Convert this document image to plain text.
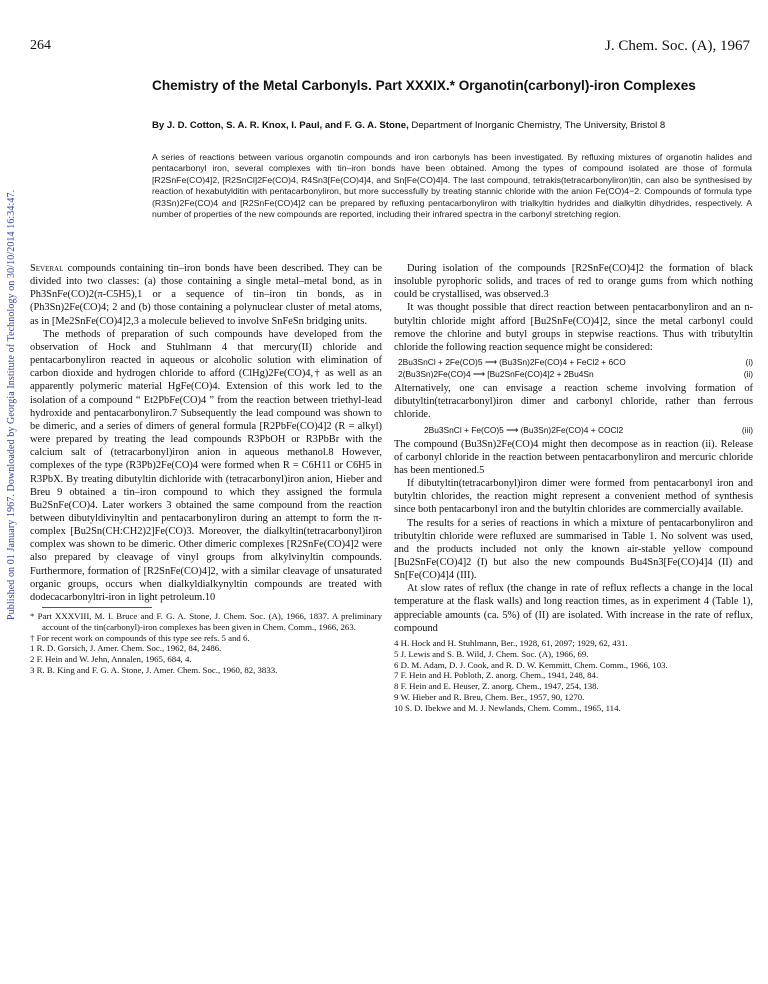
Published on 01 January 1967. Downloaded by Georgia Institute of Technology on 30/10/2014 16:34:47.
264	J. Chem. Soc. (A), 1967
Chemistry of the Metal Carbonyls. Part XXXIX.* Organotin(carbonyl)-iron Complexes
By J. D. Cotton, S. A. R. Knox, I. Paul, and F. G. A. Stone, Department of Inorganic Chemistry, The University, Bristol 8
A series of reactions between various organotin compounds and iron carbonyls has been investigated. By refluxing mixtures of organotin halides and pentacarbonyl iron, several complexes with tin–iron bonds have been obtained. Among the types of compound isolated are those of formula [R2SnFe(CO)4]2, [R2SnCl]2Fe(CO)4, R4Sn3[Fe(CO)4]4, and Sn[Fe(CO)4]4. The last compound, tetrakis(tetracarbonyliron)tin, can also be synthesised by reaction of hexabutylditin with pentacarbonyliron, but more successfully by treating stannic chloride with the anion Fe(CO)4−2. Compounds of formula type (R3Sn)2Fe(CO)4 and [R2SnFe(CO)4]2 can be prepared by refluxing pentacarbonyliron with trialkyltin hydrides and dialkyltin dihydrides, respectively. A number of properties of the new compounds are reported, including their infrared spectra in the carbonyl stretching region.

Several compounds containing tin–iron bonds have been described. They can be divided into two classes: (a) those containing a single metal–metal bond, as in Ph3SnFe(CO)2(π-C5H5),1 or a sequence of tin–iron tin bonds, as in (Ph3Sn)2Fe(CO)4; 2 and (b) those containing a polynuclear cluster of metal atoms, as in [Me2SnFe(CO)4]2,3 a molecule believed to involve SnFeSn bridging units.

The methods of preparation of such compounds have developed from the observation of Hock and Stuhlmann 4 that mercury(II) chloride and pentacarbonyliron reacted in aqueous or alcoholic solution with elimination of carbon dioxide and hydrogen chloride to afford (ClHg)2Fe(CO)4,† as well as an apparently polymeric material HgFe(CO)4. Extension of this work led to the isolation of a compound “ Et2PbFe(CO)4 ” from the reaction between triethyl-lead hydroxide and pentacarbonyliron.7 Subsequently the lead compound was shown to be dimeric, and a series of dimers of general formula [R2PbFe(CO)4]2 (R = alkyl) were prepared by treating the lead compounds R3PbOH or R3PbBr with the calcium salt of (tetracarbonyl)iron anion in aqueous methanol.8 However, complexes of the type (R3Pb)2Fe(CO)4 were formed when R = C6H11 or C6H5 in R3PbX. By treating dibutyltin dichloride with (tetracarbonyl)iron anion, Hieber and Breu 9 obtained a tin–iron compound to which they assigned the formula Bu2SnFe(CO)4. Later workers 3 obtained the same compound from the reaction between dibutyldivinyltin and pentacarbonyliron during an attempt to form the π-complex [Bu2Sn(CH:CH2)2]Fe(CO)3. Moreover, the dialkyltin(tetracarbonyl)iron complex was shown to be dimeric. Other dimeric complexes [R2SnFe(CO)4]2 were also prepared by cleavage of vinyl groups from alkylvinyltin compounds. Furthermore, formation of [R2SnFe(CO)4]2, with a similar cleavage of unsaturated organic groups, occurs when dialkyldialkynyltin compounds are treated with dodecacarbonyltri-iron in light petroleum.10

* Part XXXVIII, M. I. Bruce and F. G. A. Stone, J. Chem. Soc. (A), 1966, 1837. A preliminary account of the tin(carbonyl)-iron complexes has been given in Chem. Comm., 1966, 263.
† For recent work on compounds of this type see refs. 5 and 6.
1 R. D. Gorsich, J. Amer. Chem. Soc., 1962, 84, 2486.
2 F. Hein and W. Jehn, Annalen, 1965, 684, 4.
3 R. B. King and F. G. A. Stone, J. Amer. Chem. Soc., 1960, 82, 3833.

During isolation of the compounds [R2SnFe(CO)4]2 the formation of black insoluble pyrophoric solids, and traces of red to orange gums from which nothing could be crystallised, was observed.3

It was thought possible that direct reaction between pentacarbonyliron and an n-butyltin chloride might afford [Bu2SnFe(CO)4]2, since the metal carbonyl could remove the chlorine and butyl groups in stepwise reactions. Thus with tributyltin chloride the following reaction sequence might be considered:

2Bu3SnCl + 2Fe(CO)5 ⟶ (Bu3Sn)2Fe(CO)4 + FeCl2 + 6CO	(i)
2(Bu3Sn)2Fe(CO)4 ⟶ [Bu2SnFe(CO)4]2 + 2Bu4Sn	(ii)

Alternatively, one can envisage a reaction scheme involving formation of dibutyltin(tetracarbonyl)iron dimer and carbonyl chloride, rather than ferrous chloride.

2Bu3SnCl + Fe(CO)5 ⟶ (Bu3Sn)2Fe(CO)4 + COCl2	(iii)

The compound (Bu3Sn)2Fe(CO)4 might then decompose as in reaction (ii). Release of carbonyl chloride in the reaction between pentacarbonyliron and mercuric chloride has been mentioned.5

If dibutyltin(tetracarbonyl)iron dimer were formed from pentacarbonyl iron and butyltin chlorides, the reaction might represent a convenient method of synthesis since both pentacarbonyl iron and the butyltin chlorides are commercially available.

The results for a series of reactions in which a mixture of pentacarbonyliron and tributyltin chloride were refluxed are summarised in Table 1. No solvent was used, and the products included not only the known air-stable yellow compound [Bu2SnFe(CO)4]2 (I) but also the new compounds Bu4Sn3[Fe(CO)4]4 (II) and Sn[Fe(CO)4]4 (III).

At slow rates of reflux (the change in rate of reflux reflects a change in the local temperature at the flask walls) and long reaction times, as in experiment 4 (Table 1), appreciable amounts (ca. 5%) of (II) are isolated. With increase in the rate of reflux, compound

4 H. Hock and H. Stuhlmann, Ber., 1928, 61, 2097; 1929, 62, 431.
5 J. Lewis and S. B. Wild, J. Chem. Soc. (A), 1966, 69.
6 D. M. Adam, D. J. Cook, and R. D. W. Kemmitt, Chem. Comm., 1966, 103.
7 F. Hein and H. Pobloth, Z. anorg. Chem., 1941, 248, 84.
8 F. Hein and E. Heuser, Z. anorg. Chem., 1947, 254, 138.
9 W. Hieber and R. Breu, Chem. Ber., 1957, 90, 1270.
10 S. D. Ibekwe and M. J. Newlands, Chem. Comm., 1965, 114.
